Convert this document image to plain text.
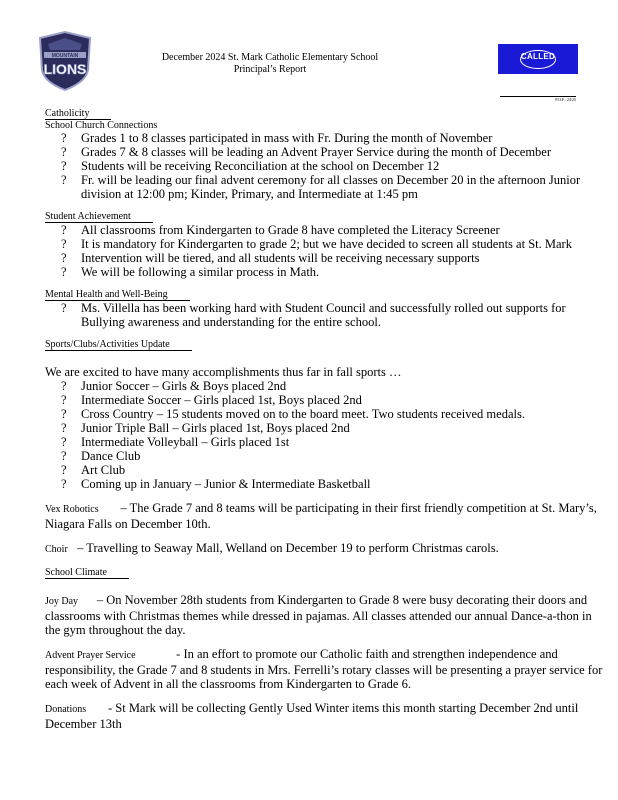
MOUNTAIN
LIONS
December 2024 St. Mark Catholic Elementary School
Principal’s Report
CALLED
P.O.F.: 24/25
Catholicity
School Church Connections
? Grades 1 to 8 classes participated in mass with Fr. During the month of November
? Grades 7 & 8 classes will be leading an Advent Prayer Service during the month of December
? Students will be receiving Reconciliation at the school on December 12
? Fr. will be leading our final advent ceremony for all classes on December 20 in the afternoon Junior division at 12:00 pm; Kinder, Primary, and Intermediate at 1:45 pm
Student Achievement
? All classrooms from Kindergarten to Grade 8 have completed the Literacy Screener
? It is mandatory for Kindergarten to grade 2; but we have decided to screen all students at St. Mark
? Intervention will be tiered, and all students will be receiving necessary supports
? We will be following a similar process in Math.
Mental Health and Well-Being
? Ms. Villella has been working hard with Student Council and successfully rolled out supports for Bullying awareness and understanding for the entire school.
Sports/Clubs/Activities Update
We are excited to have many accomplishments thus far in fall sports …
? Junior Soccer – Girls & Boys placed 2nd
? Intermediate Soccer – Girls placed 1st, Boys placed 2nd
? Cross Country – 15 students moved on to the board meet. Two students received medals.
? Junior Triple Ball – Girls placed 1st, Boys placed 2nd
? Intermediate Volleyball – Girls placed 1st
? Dance Club
? Art Club
? Coming up in January – Junior & Intermediate Basketball
Vex Robotics – The Grade 7 and 8 teams will be participating in their first friendly competition at St. Mary’s, Niagara Falls on December 10th.
Choir – Travelling to Seaway Mall, Welland on December 19 to perform Christmas carols.
School Climate
Joy Day – On November 28th students from Kindergarten to Grade 8 were busy decorating their doors and classrooms with Christmas themes while dressed in pajamas. All classes attended our annual Dance-a-thon in the gym throughout the day.
Advent Prayer Service	- In an effort to promote our Catholic faith and strengthen independence and responsibility, the Grade 7 and 8 students in Mrs. Ferrelli’s rotary classes will be presenting a prayer service for each week of Advent in all the classrooms from Kindergarten to Grade 6.
Donations - St Mark will be collecting Gently Used Winter items this month starting December 2nd until December 13th
